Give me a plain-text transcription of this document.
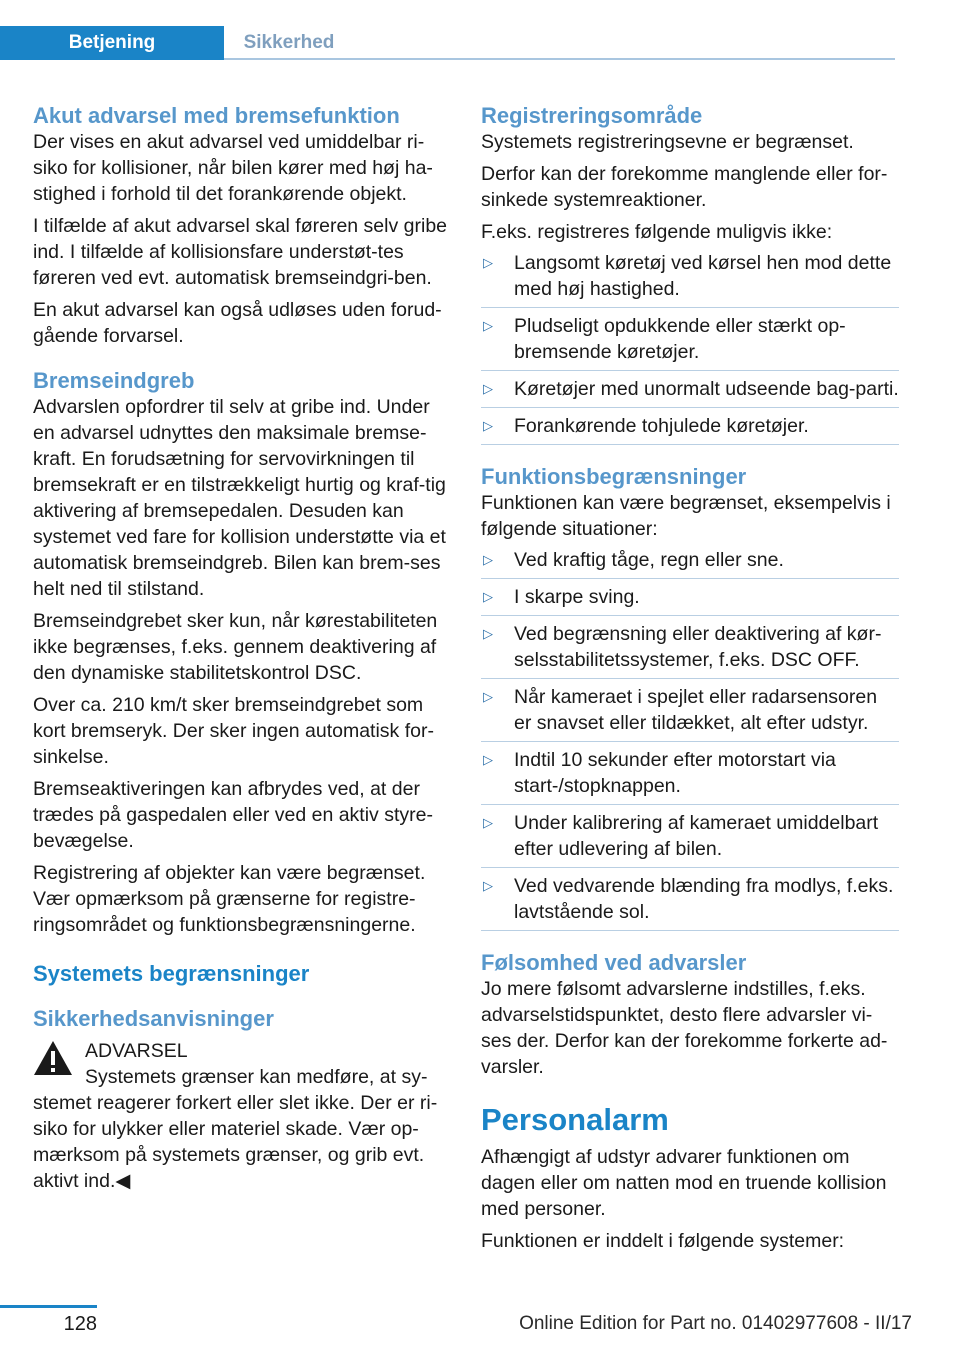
Betjening	Sikkerhed
Akut advarsel med bremsefunktion

Der vises en akut advarsel ved umiddelbar ri-siko for kollisioner, når bilen kører med høj ha-stighed i forhold til det forankørende objekt.

I tilfælde af akut advarsel skal føreren selv gribe ind. I tilfælde af kollisionsfare understøt-tes føreren ved evt. automatisk bremseindgri-ben.

En akut advarsel kan også udløses uden forud-gående forvarsel.

Bremseindgreb

Advarslen opfordrer til selv at gribe ind. Under en advarsel udnyttes den maksimale bremse-kraft. En forudsætning for servovirkningen til bremsekraft er en tilstrækkeligt hurtig og kraf-tig aktivering af bremsepedalen. Desuden kan systemet ved fare for kollision understøtte via et automatisk bremseindgreb. Bilen kan brem-ses helt ned til stilstand.

Bremseindgrebet sker kun, når kørestabiliteten ikke begrænses, f.eks. gennem deaktivering af den dynamiske stabilitetskontrol DSC.

Over ca. 210 km/t sker bremseindgrebet som kort bremseryk. Der sker ingen automatisk for-sinkelse.

Bremseaktiveringen kan afbrydes ved, at der trædes på gaspedalen eller ved en aktiv styre-bevægelse.

Registrering af objekter kan være begrænset. Vær opmærksom på grænserne for registre-ringsområdet og funktionsbegrænsningerne.

Systemets begrænsninger
Sikkerhedsanvisninger
ADVARSEL

Systemets grænser kan medføre, at sy-

stemet reagerer forkert eller slet ikke. Der er ri-siko for ulykker eller materiel skade. Vær op-mærksom på systemets grænser, og grib evt. aktivt ind.◀

Registreringsområde

Systemets registreringsevne er begrænset.

Derfor kan der forekomme manglende eller for-sinkede systemreaktioner.

F.eks. registreres følgende muligvis ikke:

▷ Langsomt køretøj ved kørsel hen mod dette med høj hastighed.
▷ Pludseligt opdukkende eller stærkt op-bremsende køretøjer.
▷ Køretøjer med unormalt udseende bag-parti.
▷ Forankørende tohjulede køretøjer.
Funktionsbegrænsninger

Funktionen kan være begrænset, eksempelvis i følgende situationer:

▷ Ved kraftig tåge, regn eller sne.
▷ I skarpe sving.
▷ Ved begrænsning eller deaktivering af kør-selsstabilitetssystemer, f.eks. DSC OFF.
▷ Når kameraet i spejlet eller radarsensoren er snavset eller tildækket, alt efter udstyr.
▷ Indtil 10 sekunder efter motorstart via start-/stopknappen.
▷ Under kalibrering af kameraet umiddelbart efter udlevering af bilen.
▷ Ved vedvarende blænding fra modlys, f.eks. lavtstående sol.
Følsomhed ved advarsler

Jo mere følsomt advarslerne indstilles, f.eks. advarselstidspunktet, desto flere advarsler vi-ses der. Derfor kan der forekomme forkerte ad-varsler.

Personalarm

Afhængigt af udstyr advarer funktionen om dagen eller om natten mod en truende kollision med personer.

Funktionen er inddelt i følgende systemer:

128	Online Edition for Part no. 01402977608 - II/17
